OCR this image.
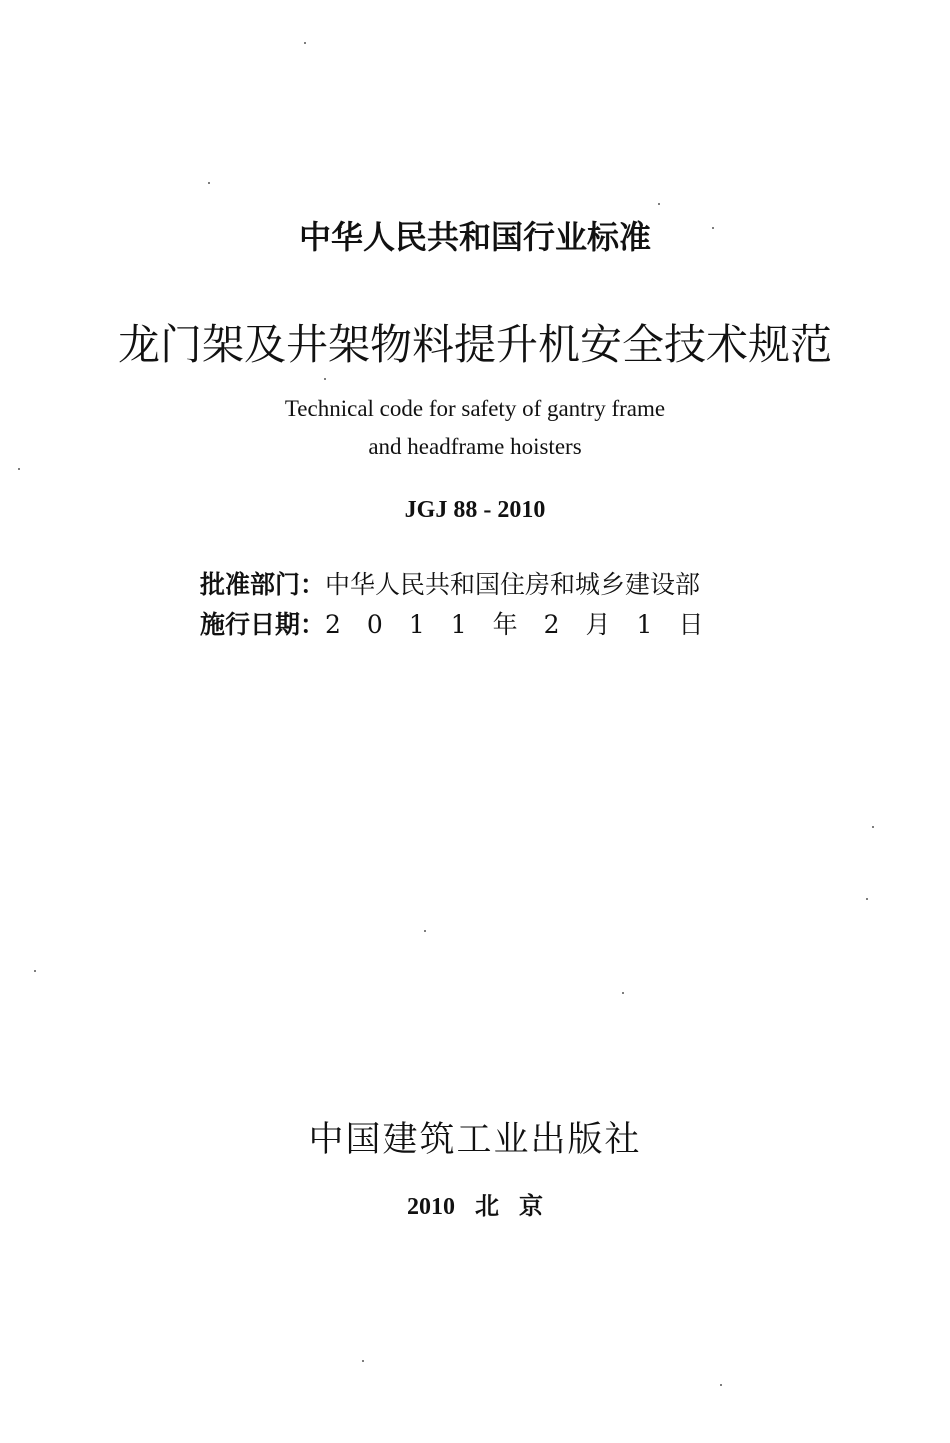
中华人民共和国行业标准
龙门架及井架物料提升机安全技术规范
Technical code for safety of gantry frame
and headframe hoisters
JGJ 88 - 2010
批准部门： 中华人民共和国住房和城乡建设部
施行日期： 2011年2月1日
中国建筑工业出版社
2010 北 京
